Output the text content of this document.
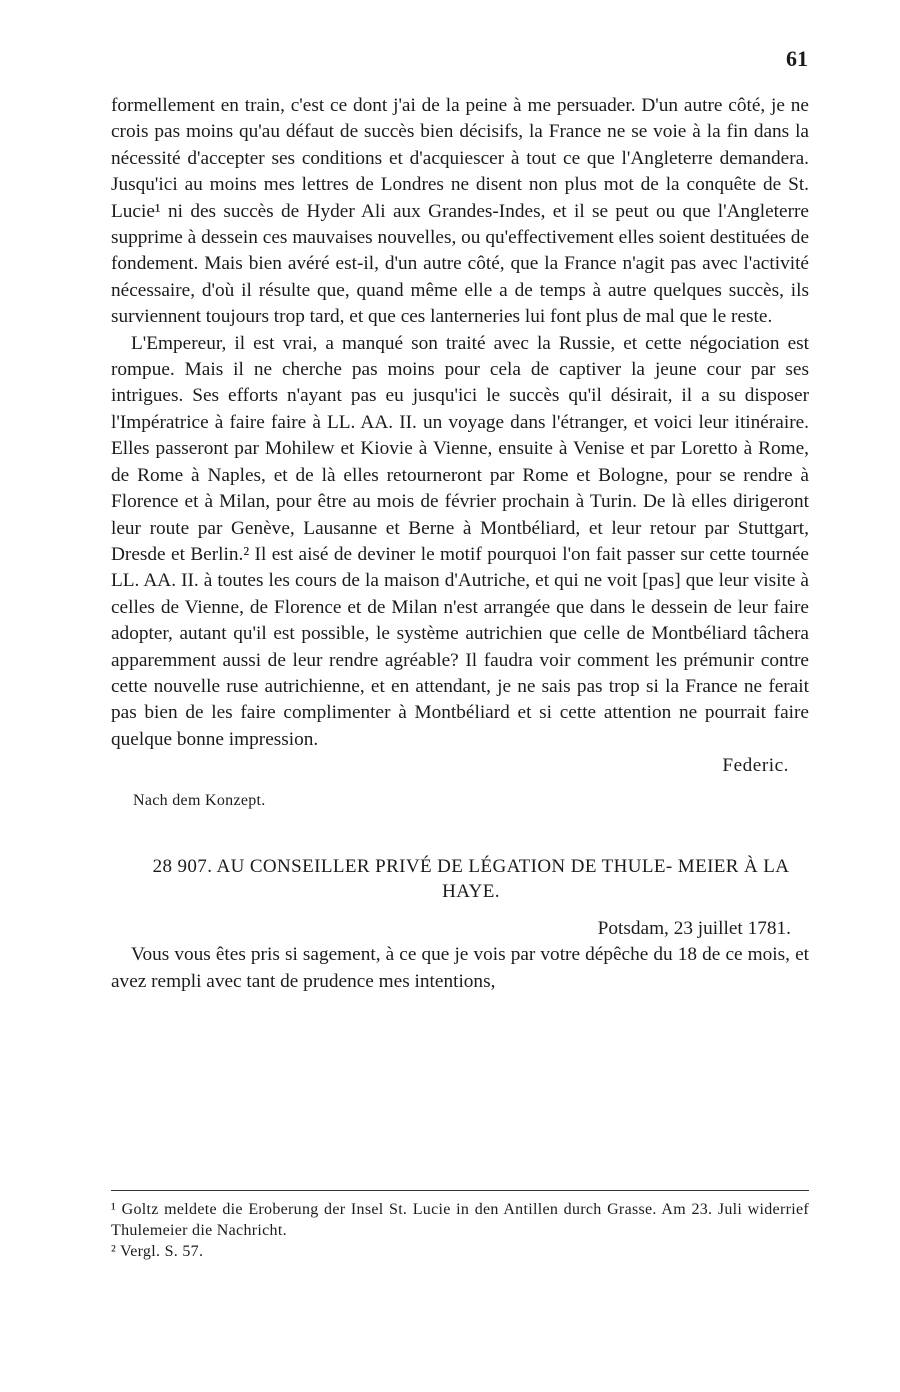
61

formellement en train, c'est ce dont j'ai de la peine à me persuader. D'un autre côté, je ne crois pas moins qu'au défaut de succès bien décisifs, la France ne se voie à la fin dans la nécessité d'accepter ses conditions et d'acquiescer à tout ce que l'Angleterre demandera. Jusqu'ici au moins mes lettres de Londres ne disent non plus mot de la conquête de St. Lucie¹ ni des succès de Hyder Ali aux Grandes-Indes, et il se peut ou que l'Angleterre supprime à dessein ces mauvaises nouvelles, ou qu'effectivement elles soient destituées de fondement. Mais bien avéré est-il, d'un autre côté, que la France n'agit pas avec l'activité nécessaire, d'où il résulte que, quand même elle a de temps à autre quelques succès, ils surviennent toujours trop tard, et que ces lanterneries lui font plus de mal que le reste.

L'Empereur, il est vrai, a manqué son traité avec la Russie, et cette négociation est rompue. Mais il ne cherche pas moins pour cela de captiver la jeune cour par ses intrigues. Ses efforts n'ayant pas eu jusqu'ici le succès qu'il désirait, il a su disposer l'Impératrice à faire faire à LL. AA. II. un voyage dans l'étranger, et voici leur itinéraire. Elles passeront par Mohilew et Kiovie à Vienne, ensuite à Venise et par Loretto à Rome, de Rome à Naples, et de là elles retourneront par Rome et Bologne, pour se rendre à Florence et à Milan, pour être au mois de février prochain à Turin. De là elles dirigeront leur route par Genève, Lausanne et Berne à Montbéliard, et leur retour par Stuttgart, Dresde et Berlin.² Il est aisé de deviner le motif pourquoi l'on fait passer sur cette tournée LL. AA. II. à toutes les cours de la maison d'Autriche, et qui ne voit [pas] que leur visite à celles de Vienne, de Florence et de Milan n'est arrangée que dans le dessein de leur faire adopter, autant qu'il est possible, le système autrichien que celle de Montbéliard tâchera apparemment aussi de leur rendre agréable? Il faudra voir comment les prémunir contre cette nouvelle ruse autrichienne, et en attendant, je ne sais pas trop si la France ne ferait pas bien de les faire complimenter à Montbéliard et si cette attention ne pourrait faire quelque bonne impression.

Federic.

Nach dem Konzept.

28 907. AU CONSEILLER PRIVÉ DE LÉGATION DE THULE- MEIER À LA HAYE.
Potsdam, 23 juillet 1781.

Vous vous êtes pris si sagement, à ce que je vois par votre dépêche du 18 de ce mois, et avez rempli avec tant de prudence mes intentions,

¹ Goltz meldete die Eroberung der Insel St. Lucie in den Antillen durch Grasse. Am 23. Juli widerrief Thulemeier die Nachricht.

² Vergl. S. 57.
